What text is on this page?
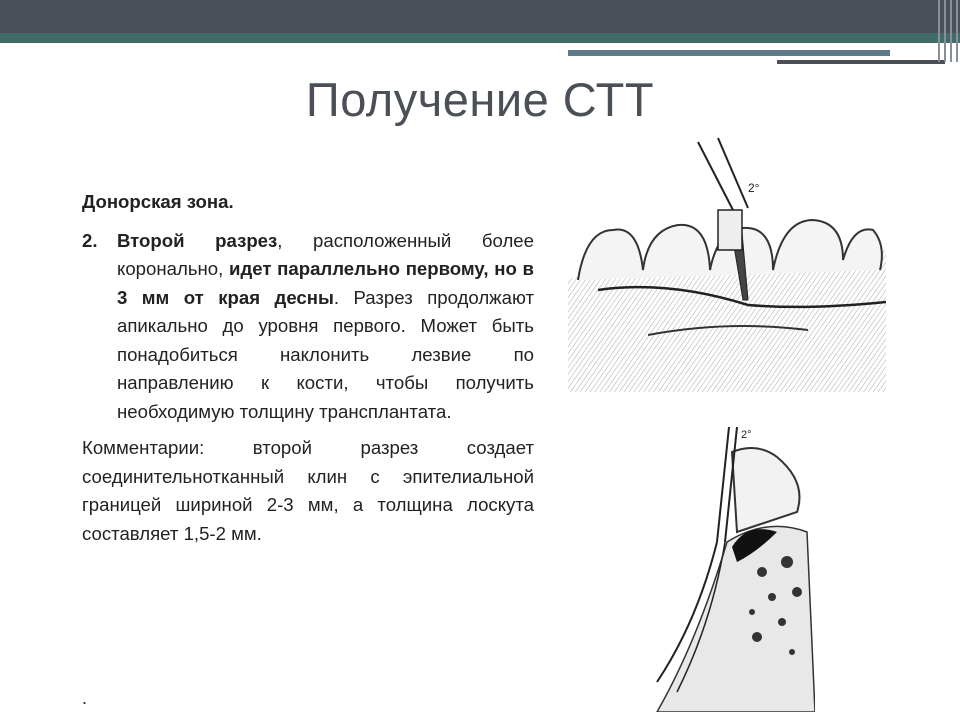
Получение СТТ
Донорская зона.
2.	Второй разрез, расположенный более коронально, идет параллельно первому, но в 3 мм от края десны. Разрез продолжают апикально до уровня первого. Может быть понадобиться наклонить лезвие по направлению к кости, чтобы получить необходимую толщину трансплантата.
Комментарии: второй разрез создает соединительнотканный клин с эпителиальной границей шириной 2-3 мм, а толщина лоскута составляет 1,5-2 мм.
.
2°
2°
